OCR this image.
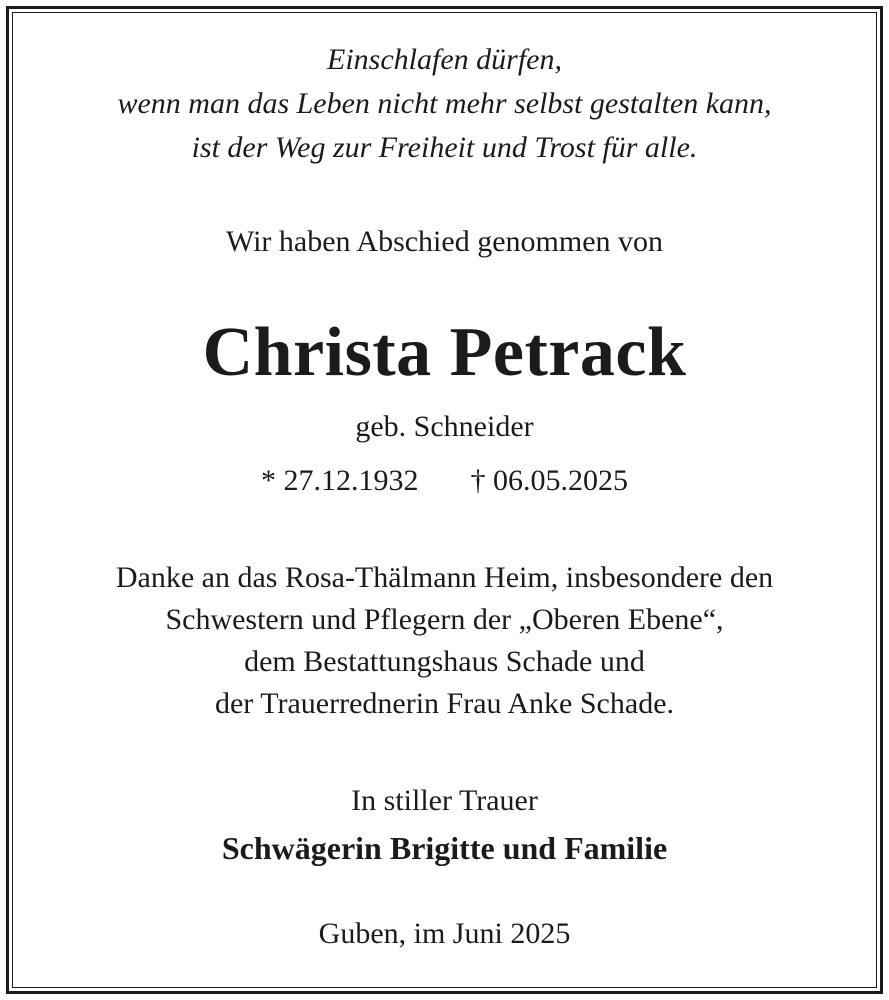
Einschlafen dürfen,
wenn man das Leben nicht mehr selbst gestalten kann,
ist der Weg zur Freiheit und Trost für alle.
Wir haben Abschied genommen von
Christa Petrack
geb. Schneider
* 27.12.1932 † 06.05.2025
Danke an das Rosa-Thälmann Heim, insbesondere den
Schwestern und Pflegern der „Oberen Ebene“,
dem Bestattungshaus Schade und
der Trauerrednerin Frau Anke Schade.
In stiller Trauer
Schwägerin Brigitte und Familie
Guben, im Juni 2025
